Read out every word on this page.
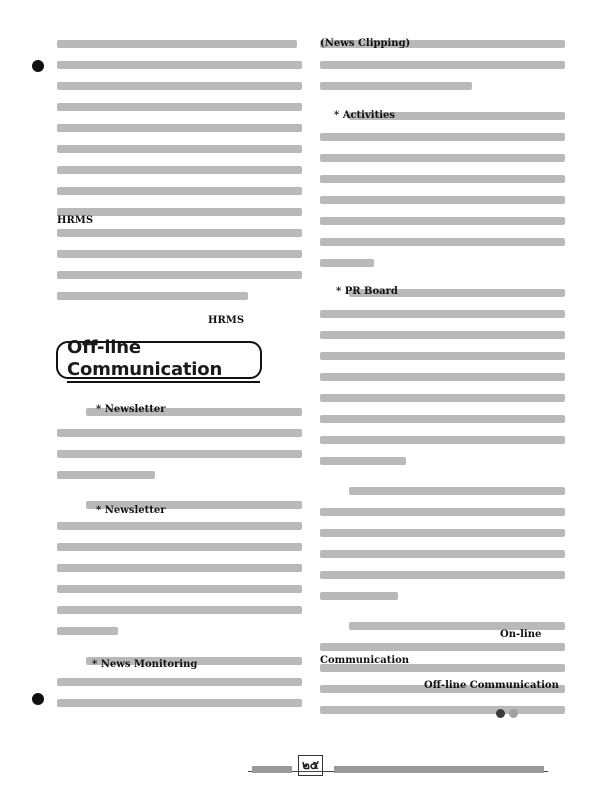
Off-line Communication
* Newsletter
* Newsletter
* News Monitoring
HRMS
HRMS
(News Clipping)
* Activities
* PR Board
On-line
Communication
Off-line Communication
๒๕
